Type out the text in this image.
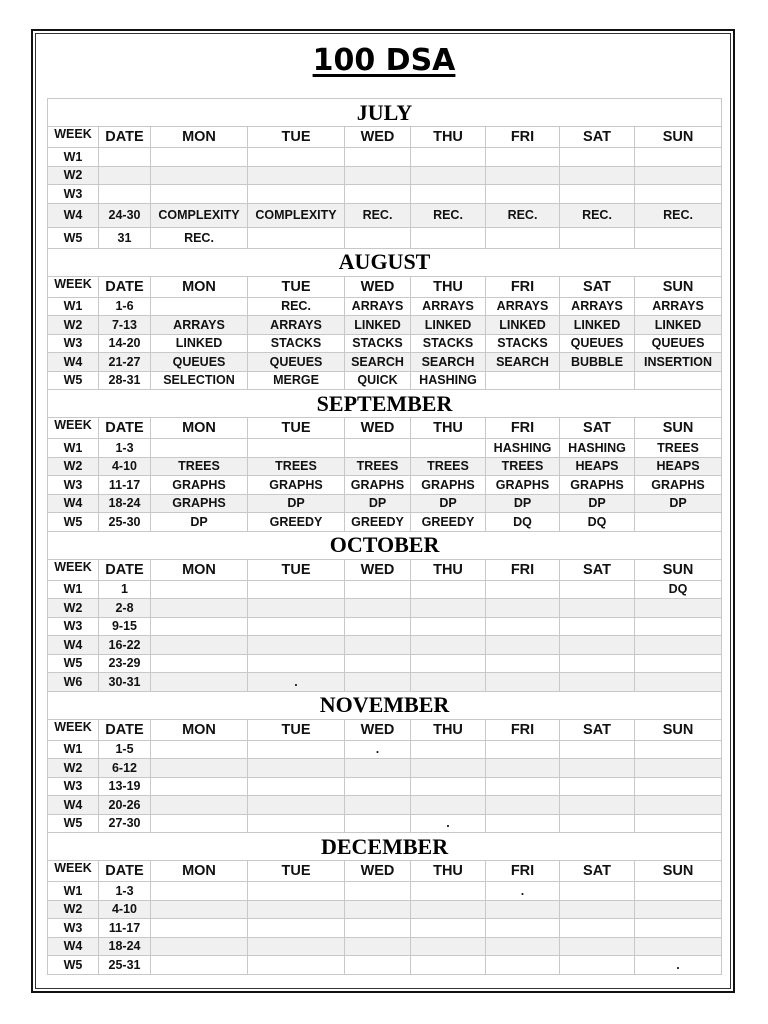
100 DSA
JULY								
WEEK	DATE	MON	TUE	WED	THU	FRI	SAT	SUN
W1								
W2								
W3								
W4	24-30	COMPLEXITY	COMPLEXITY	REC.	REC.	REC.	REC.	REC.
W5	31	REC.						
AUGUST								
WEEK	DATE	MON	TUE	WED	THU	FRI	SAT	SUN
W1	1-6		REC.	ARRAYS	ARRAYS	ARRAYS	ARRAYS	ARRAYS
W2	7-13	ARRAYS	ARRAYS	LINKED	LINKED	LINKED	LINKED	LINKED
W3	14-20	LINKED	STACKS	STACKS	STACKS	STACKS	QUEUES	QUEUES
W4	21-27	QUEUES	QUEUES	SEARCH	SEARCH	SEARCH	BUBBLE	INSERTION
W5	28-31	SELECTION	MERGE	QUICK	HASHING			
SEPTEMBER								
WEEK	DATE	MON	TUE	WED	THU	FRI	SAT	SUN
W1	1-3					HASHING	HASHING	TREES
W2	4-10	TREES	TREES	TREES	TREES	TREES	HEAPS	HEAPS
W3	11-17	GRAPHS	GRAPHS	GRAPHS	GRAPHS	GRAPHS	GRAPHS	GRAPHS
W4	18-24	GRAPHS	DP	DP	DP	DP	DP	DP
W5	25-30	DP	GREEDY	GREEDY	GREEDY	DQ	DQ	
OCTOBER								
WEEK	DATE	MON	TUE	WED	THU	FRI	SAT	SUN
W1	1							DQ
W2	2-8							
W3	9-15							
W4	16-22							
W5	23-29							
W6	30-31		.					
NOVEMBER								
WEEK	DATE	MON	TUE	WED	THU	FRI	SAT	SUN
W1	1-5			.				
W2	6-12							
W3	13-19							
W4	20-26							
W5	27-30				.			
DECEMBER								
WEEK	DATE	MON	TUE	WED	THU	FRI	SAT	SUN
W1	1-3					.		
W2	4-10							
W3	11-17							
W4	18-24							
W5	25-31							.
